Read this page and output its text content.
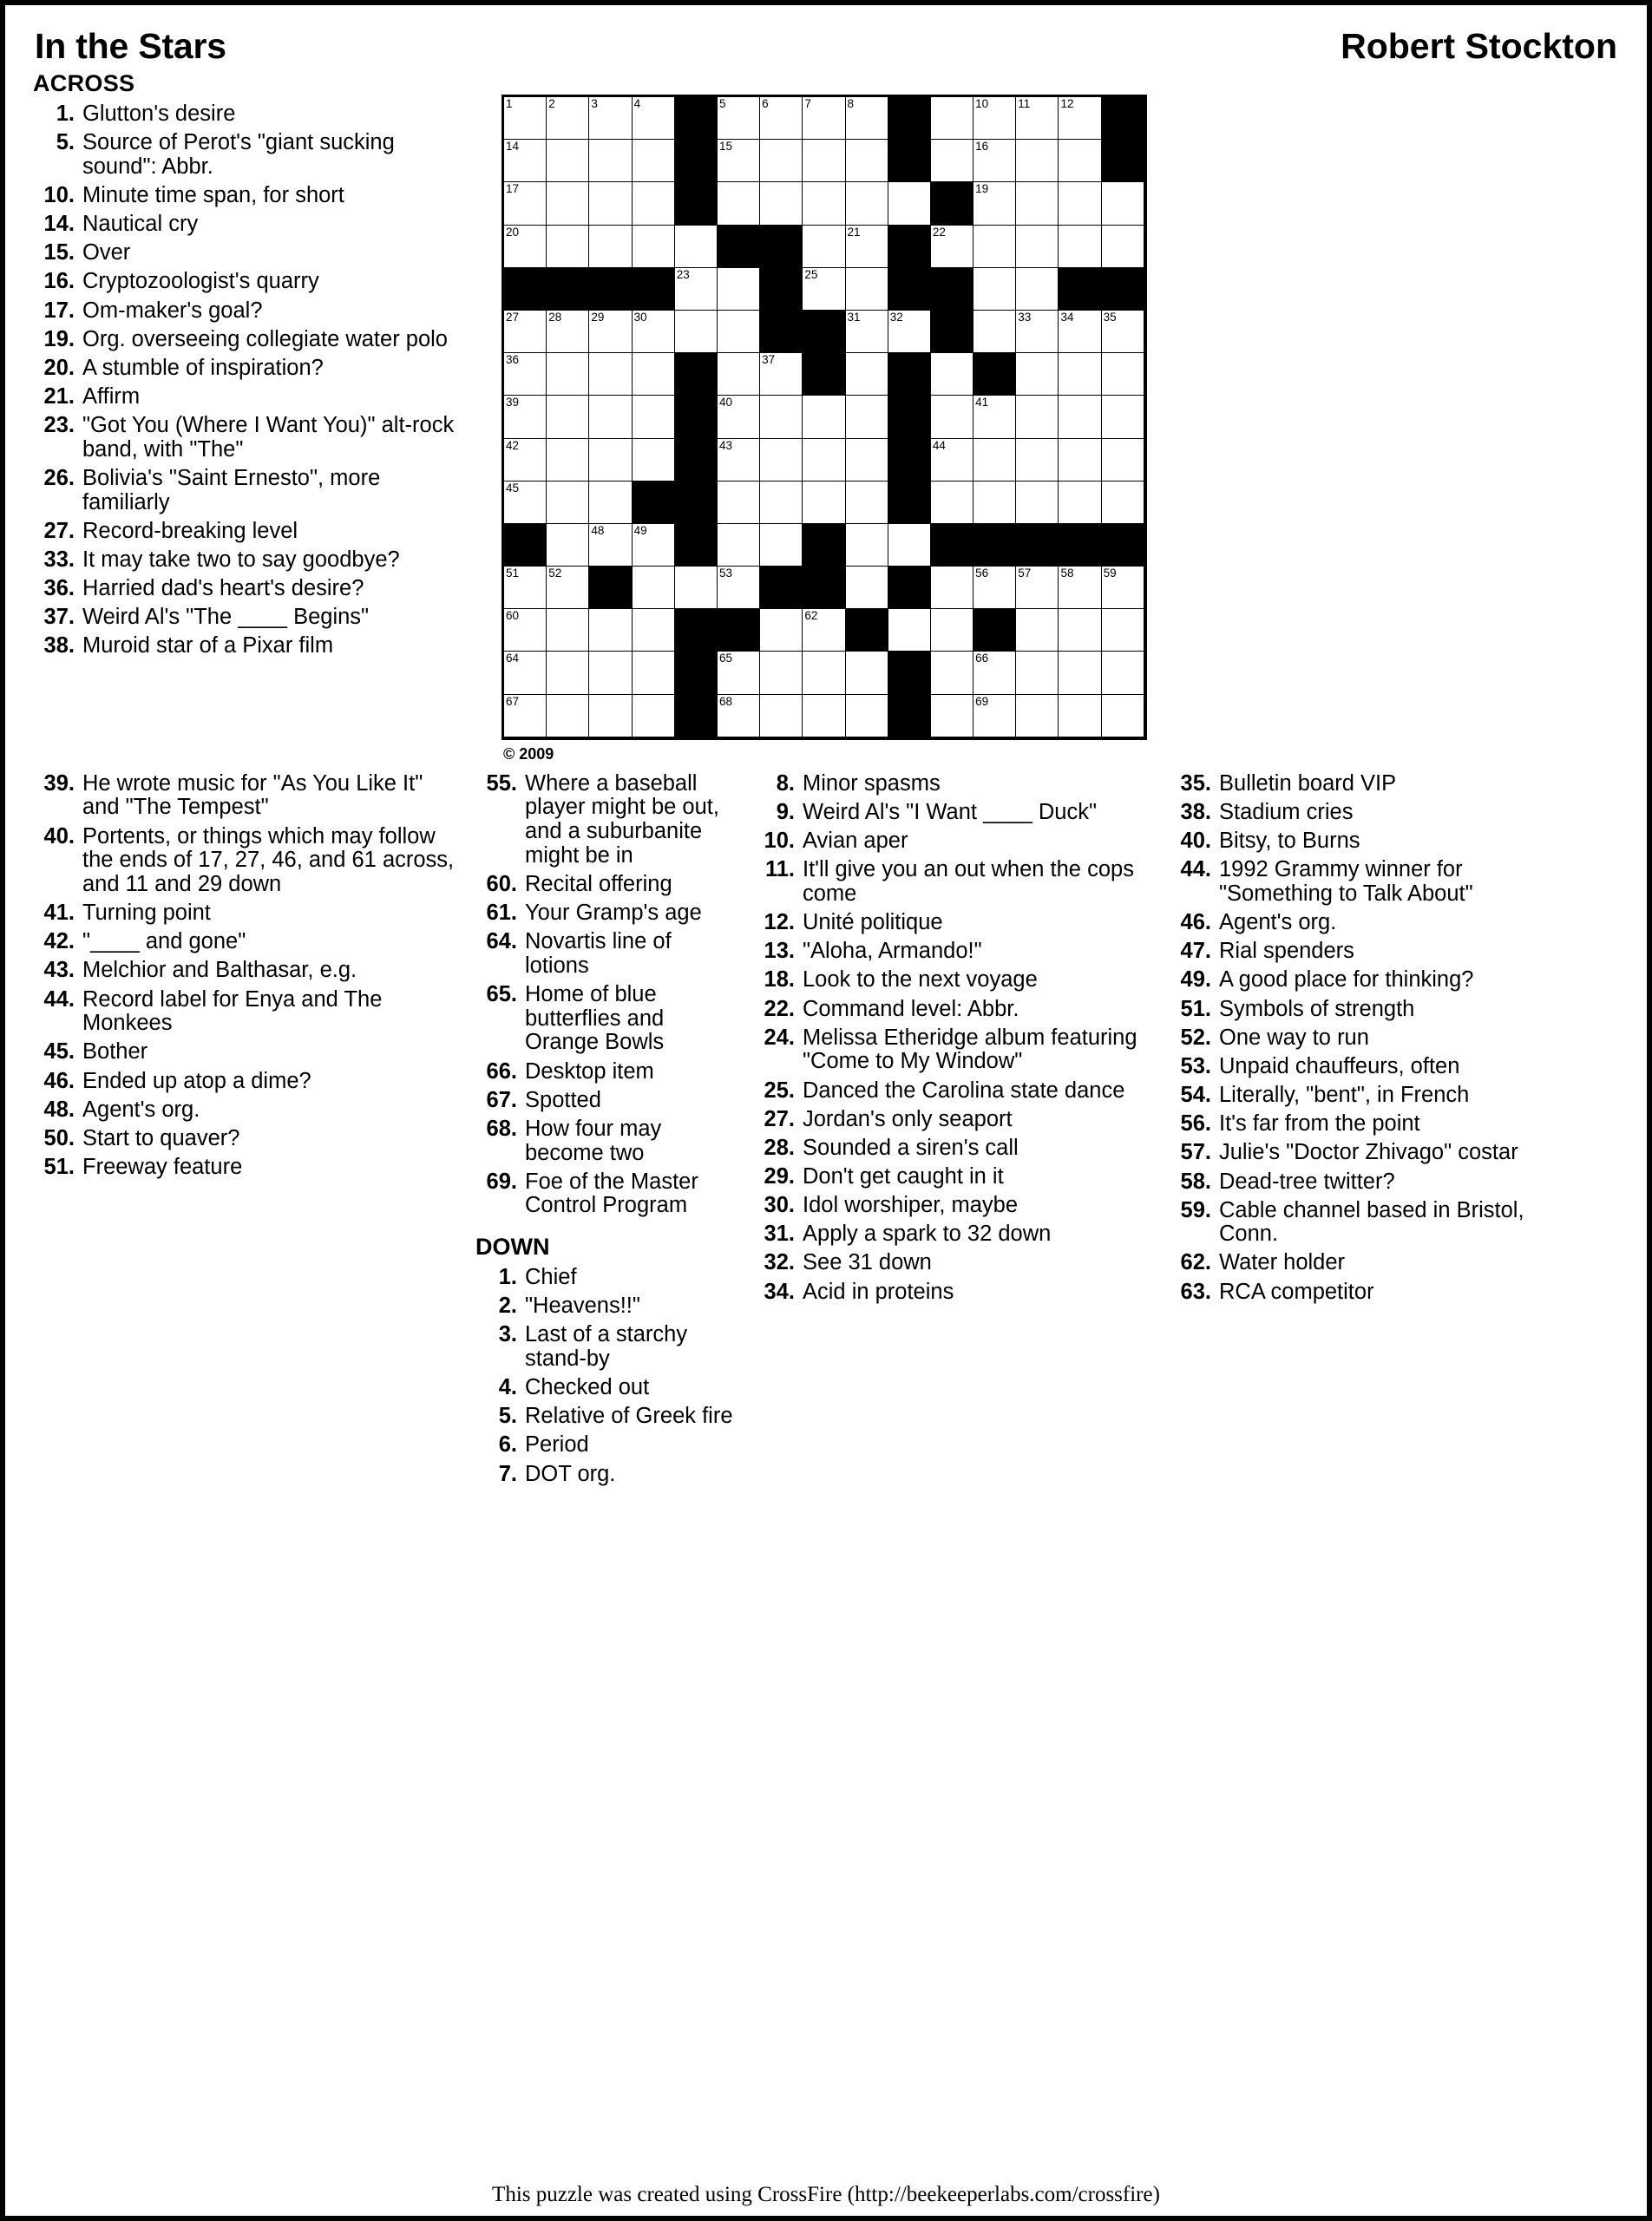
In the Stars	Robert Stockton
ACROSS
1. Glutton's desire
5. Source of Perot's "giant sucking sound": Abbr.
10. Minute time span, for short
14. Nautical cry
15. Over
16. Cryptozoologist's quarry
17. Om-maker's goal?
19. Org. overseeing collegiate water polo
20. A stumble of inspiration?
21. Affirm
23. "Got You (Where I Want You)" alt-rock band, with "The"
26. Bolivia's "Saint Ernesto", more familiarly
27. Record-breaking level
33. It may take two to say goodbye?
36. Harried dad's heart's desire?
37. Weird Al's "The ____ Begins"
38. Muroid star of a Pixar film
1	2	3	4	5	6	7	8	10	11	12
14	15	16
17	19
20	21	22
23	25
27	28	29	30	31	32	33	34	35
36	37
39	40	41
42	43	44
45
48	49
51	52	53	56	57	58	59
60	62
64	65	66
67	68	69
© 2009
39. He wrote music for "As You Like It" and "The Tempest"
40. Portents, or things which may follow the ends of 17, 27, 46, and 61 across, and 11 and 29 down
41. Turning point
42. "____ and gone"
43. Melchior and Balthasar, e.g.
44. Record label for Enya and The Monkees
45. Bother
46. Ended up atop a dime?
48. Agent's org.
50. Start to quaver?
51. Freeway feature
55. Where a baseball player might be out, and a suburbanite might be in
60. Recital offering
61. Your Gramp's age
64. Novartis line of lotions
65. Home of blue butterflies and Orange Bowls
66. Desktop item
67. Spotted
68. How four may become two
69. Foe of the Master Control Program
DOWN
1. Chief
2. "Heavens!!"
3. Last of a starchy stand-by
4. Checked out
5. Relative of Greek fire
6. Period
7. DOT org.
8. Minor spasms
9. Weird Al's "I Want ____ Duck"
10. Avian aper
11. It'll give you an out when the cops come
12. Unité politique
13. "Aloha, Armando!"
18. Look to the next voyage
22. Command level: Abbr.
24. Melissa Etheridge album featuring "Come to My Window"
25. Danced the Carolina state dance
27. Jordan's only seaport
28. Sounded a siren's call
29. Don't get caught in it
30. Idol worshiper, maybe
31. Apply a spark to 32 down
32. See 31 down
34. Acid in proteins
35. Bulletin board VIP
38. Stadium cries
40. Bitsy, to Burns
44. 1992 Grammy winner for "Something to Talk About"
46. Agent's org.
47. Rial spenders
49. A good place for thinking?
51. Symbols of strength
52. One way to run
53. Unpaid chauffeurs, often
54. Literally, "bent", in French
56. It's far from the point
57. Julie's "Doctor Zhivago" costar
58. Dead-tree twitter?
59. Cable channel based in Bristol, Conn.
62. Water holder
63. RCA competitor
This puzzle was created using CrossFire (http://beekeeperlabs.com/crossfire)
